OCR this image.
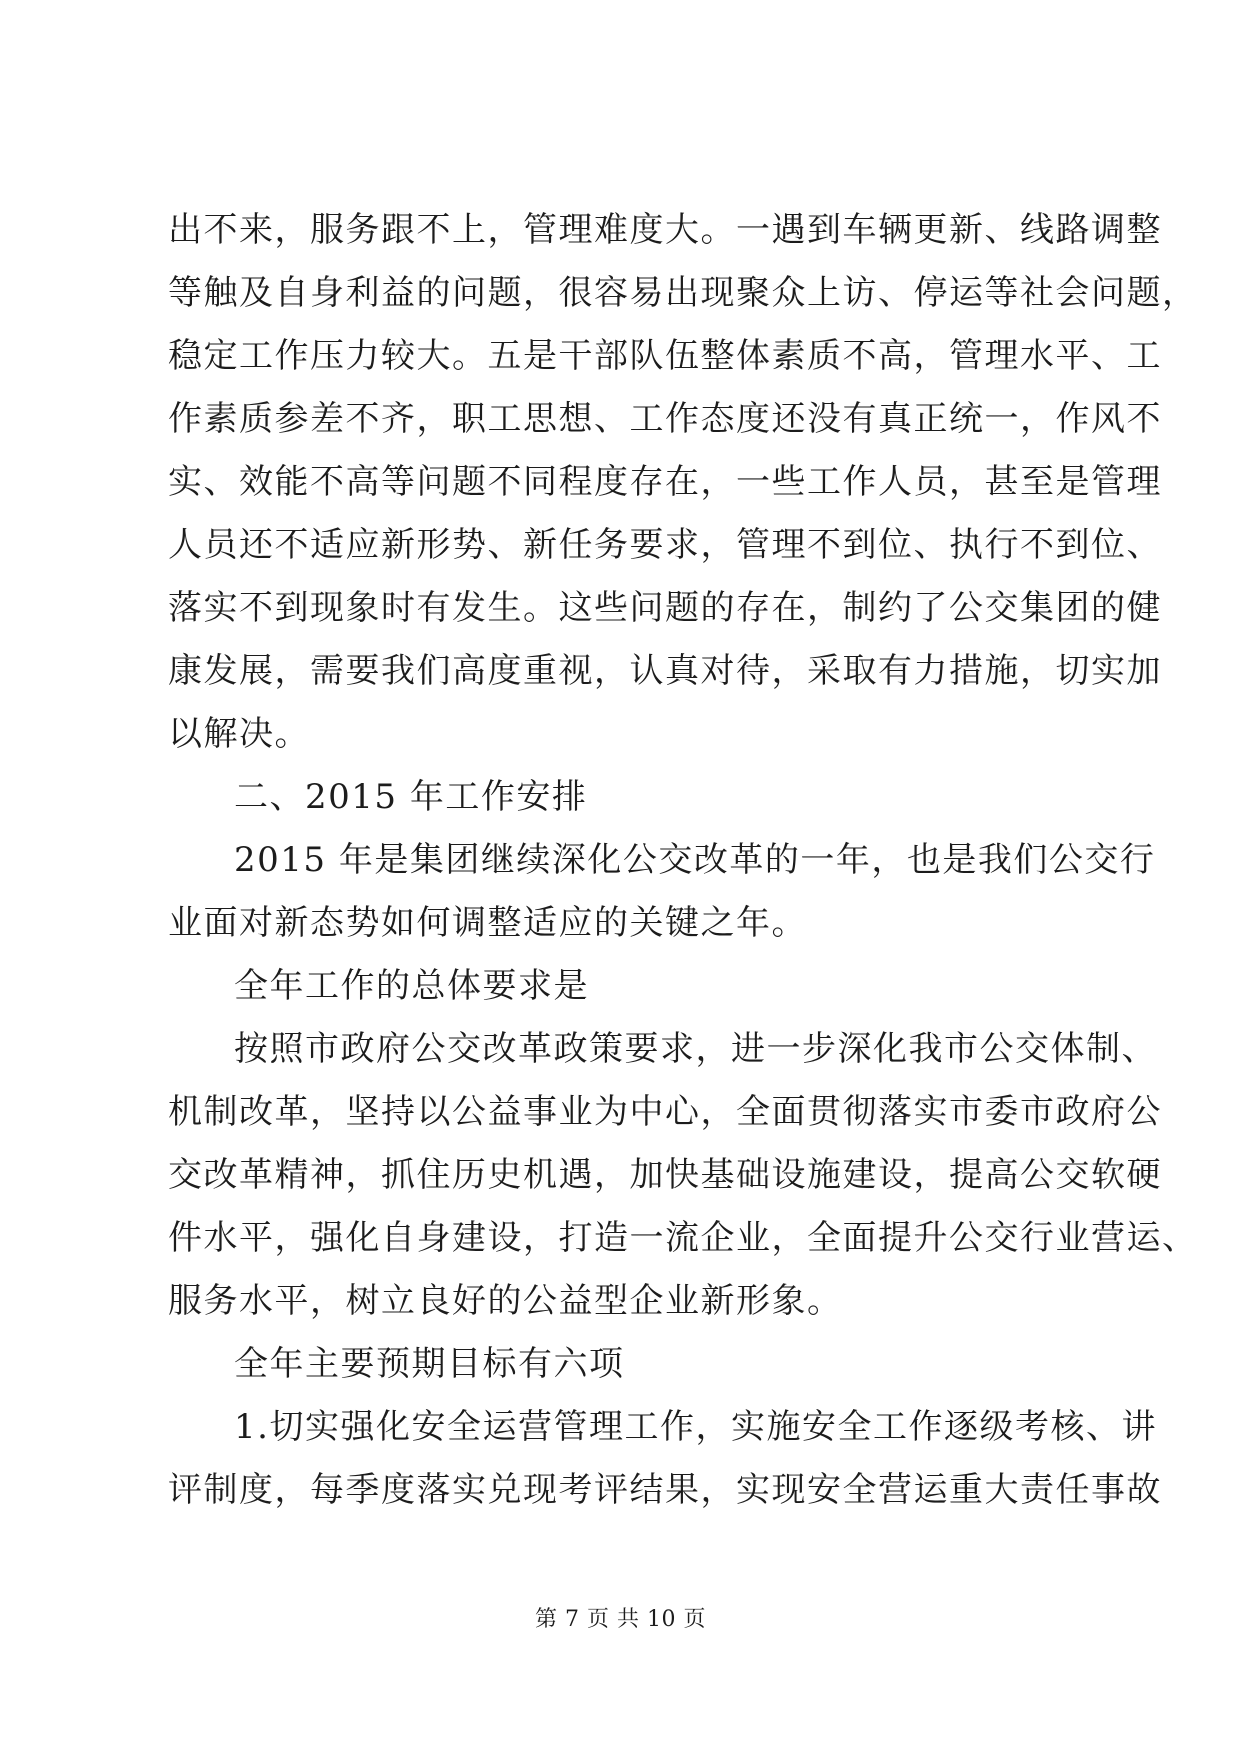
出不来，服务跟不上，管理难度大。一遇到车辆更新、线路调整
等触及自身利益的问题，很容易出现聚众上访、停运等社会问题，
稳定工作压力较大。五是干部队伍整体素质不高，管理水平、工
作素质参差不齐，职工思想、工作态度还没有真正统一，作风不
实、效能不高等问题不同程度存在，一些工作人员，甚至是管理
人员还不适应新形势、新任务要求，管理不到位、执行不到位、
落实不到现象时有发生。这些问题的存在，制约了公交集团的健
康发展，需要我们高度重视，认真对待，采取有力措施，切实加
以解决。
二、2015 年工作安排
2015 年是集团继续深化公交改革的一年，也是我们公交行
业面对新态势如何调整适应的关键之年。
全年工作的总体要求是
按照市政府公交改革政策要求，进一步深化我市公交体制、
机制改革，坚持以公益事业为中心，全面贯彻落实市委市政府公
交改革精神，抓住历史机遇，加快基础设施建设，提高公交软硬
件水平，强化自身建设，打造一流企业，全面提升公交行业营运、
服务水平，树立良好的公益型企业新形象。
全年主要预期目标有六项
1.切实强化安全运营管理工作，实施安全工作逐级考核、讲
评制度，每季度落实兑现考评结果，实现安全营运重大责任事故
第 7 页 共 10 页
